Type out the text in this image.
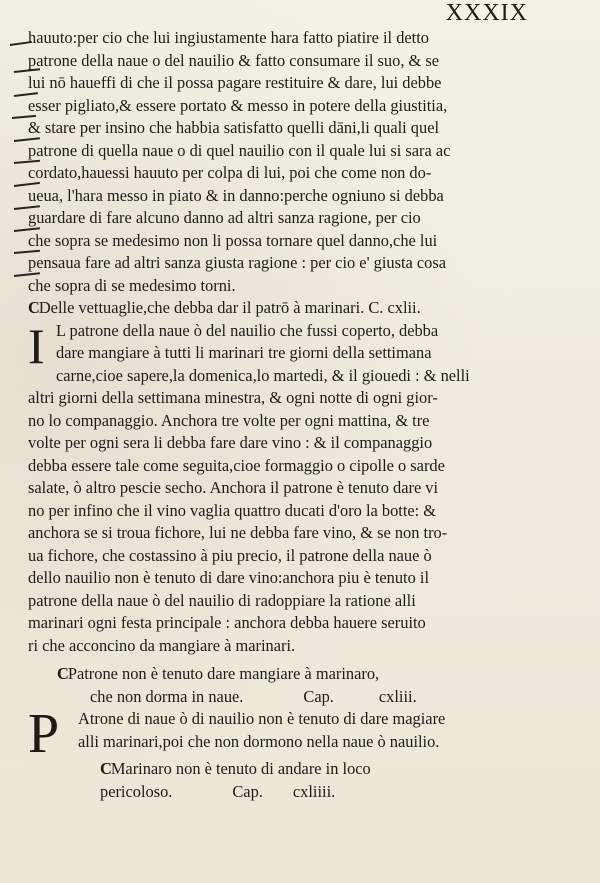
XXXIX
hauuto:per cio che lui ingiustamente hara fatto piatire il detto
patrone della naue o del nauilio & fatto consumare il suo, & se
lui nō haueffi di che il possa pagare restituire & dare, lui debbe
esser pigliato,& essere portato & messo in potere della giustitia,
& stare per insino che habbia satisfatto quelli dāni,li quali quel
patrone di quella naue o di quel nauilio con il quale lui si sara ac
cordato,hauessi hauuto per colpa di lui, poi che come non do-
ueua, l'hara messo in piato & in danno:perche ogniuno si debba
guardare di fare alcuno danno ad altri sanza ragione, per cio
che sopra se medesimo non li possa tornare quel danno,che lui
pensaua fare ad altri sanza giusta ragione : per cio e' giusta cosa
che sopra di se medesimo torni.
C Delle vettuaglie,che debba dar il patrō à marinari. C. cxlii.
I L patrone della naue ò del nauilio che fussi coperto, debba
dare mangiare à tutti li marinari tre giorni della settimana
carne,cioe sapere,la domenica,lo martedi, & il giouedi : & nelli
altri giorni della settimana minestra, & ogni notte di ogni gior-
no lo companaggio. Anchora tre volte per ogni mattina, & tre
volte per ogni sera li debba fare dare vino : & il companaggio
debba essere tale come seguita,cioe formaggio o cipolle o sarde
salate, ò altro pescie secho. Anchora il patrone è tenuto dare vi
no per infino che il vino vaglia quattro ducati d'oro la botte: &
anchora se si troua fichore, lui ne debba fare vino, & se non tro-
ua fichore, che costassino à piu precio, il patrone della naue ò
dello nauilio non è tenuto di dare vino:anchora piu è tenuto il
patrone della naue ò del nauilio di radoppiare la ratione alli
marinari ogni festa principale : anchora debba hauere seruito
ri che acconcino da mangiare à marinari.
C Patrone non è tenuto dare mangiare à marinaro,
che non dorma in naue.	Cap.	cxliii.
P	Atrone di naue ò di nauilio non è tenuto di dare magiare
alli marinari,poi che non dormono nella naue ò nauilio.
C Marinaro non è tenuto di andare in loco
pericoloso.	Cap. cxliiii.
